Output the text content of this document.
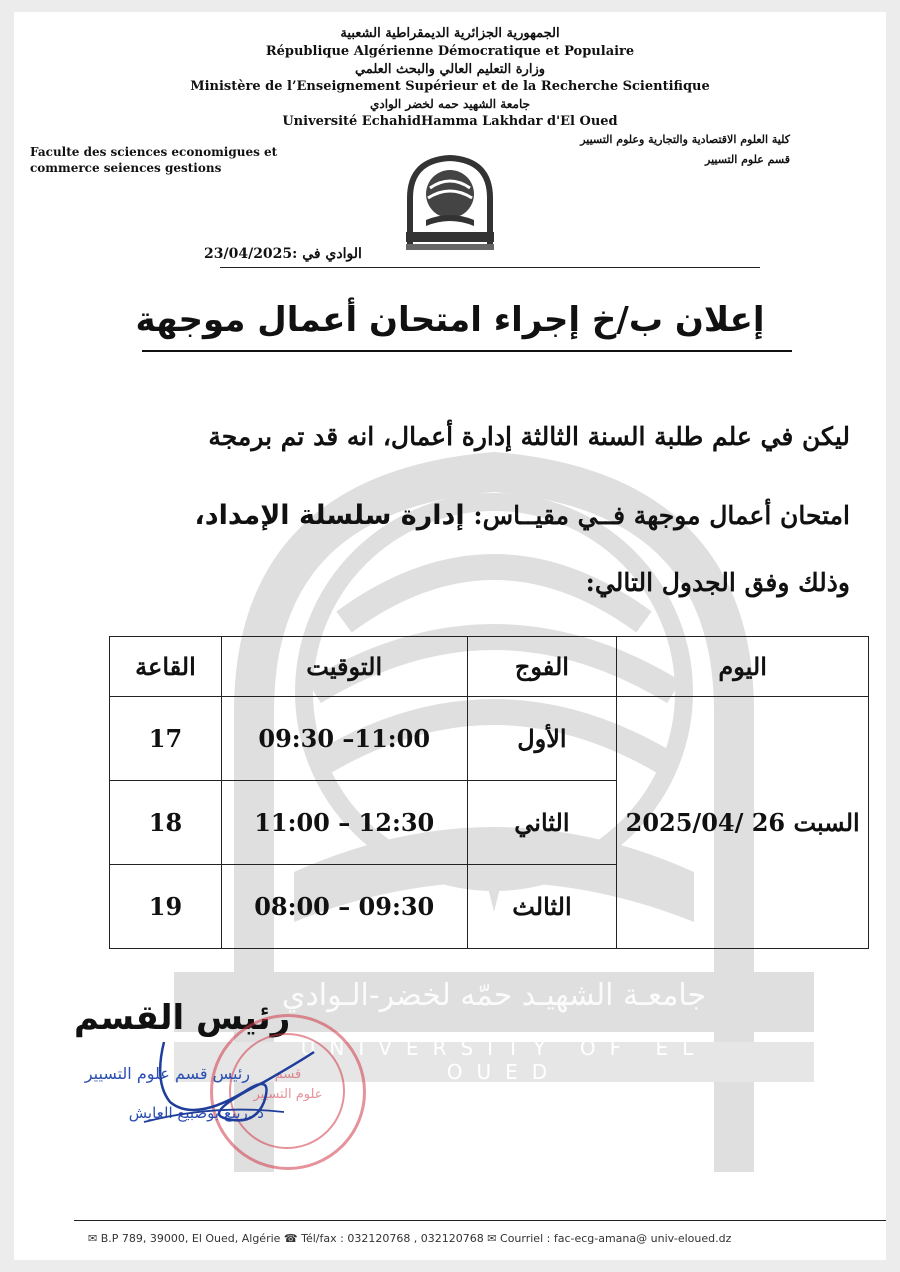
جامعـة الشهيـد حمّه لخضر-الـوادي
UNIVERSITY OF EL OUED
الجمهورية الجزائرية الديمقراطية الشعبية
République Algérienne Démocratique et Populaire
وزارة التعليم العالي والبحث العلمي
Ministère de l’Enseignement Supérieur et de la Recherche Scientifique
جامعة الشهيد حمه لخضر الوادي
Université EchahidHamma Lakhdar d'El Oued
Faculte des sciences economigues et
commerce seiences gestions
كلية العلوم الاقتصادية والتجارية وعلوم التسيير
قسم علوم التسيير
الوادي في :23/04/2025
إعلان ب/خ إجراء امتحان أعمال موجهة
ليكن في علم طلبة السنة الثالثة إدارة أعمال، انه قد تم برمجة
امتحان أعمال موجهة فــي مقيــاس: إدارة سلسلة الإمداد،
وذلك وفق الجدول التالي:
اليوم	الفوج	التوقيت	القاعة
السبت 26 /2025/04	الأول	09:30 –11:00	17
	الثاني	11:00 – 12:30	18
	الثالث	08:00 – 09:30	19
رئيس القسم
قسم
علوم التسيير
رئيس قسم علوم التسيير
د .ربيع بوصبيع العايش
✉ B.P 789, 39000, El Oued, Algérie ☎ Tél/fax : 032120768 , 032120768 ✉ Courriel : fac-ecg-amana@ univ-eloued.dz
